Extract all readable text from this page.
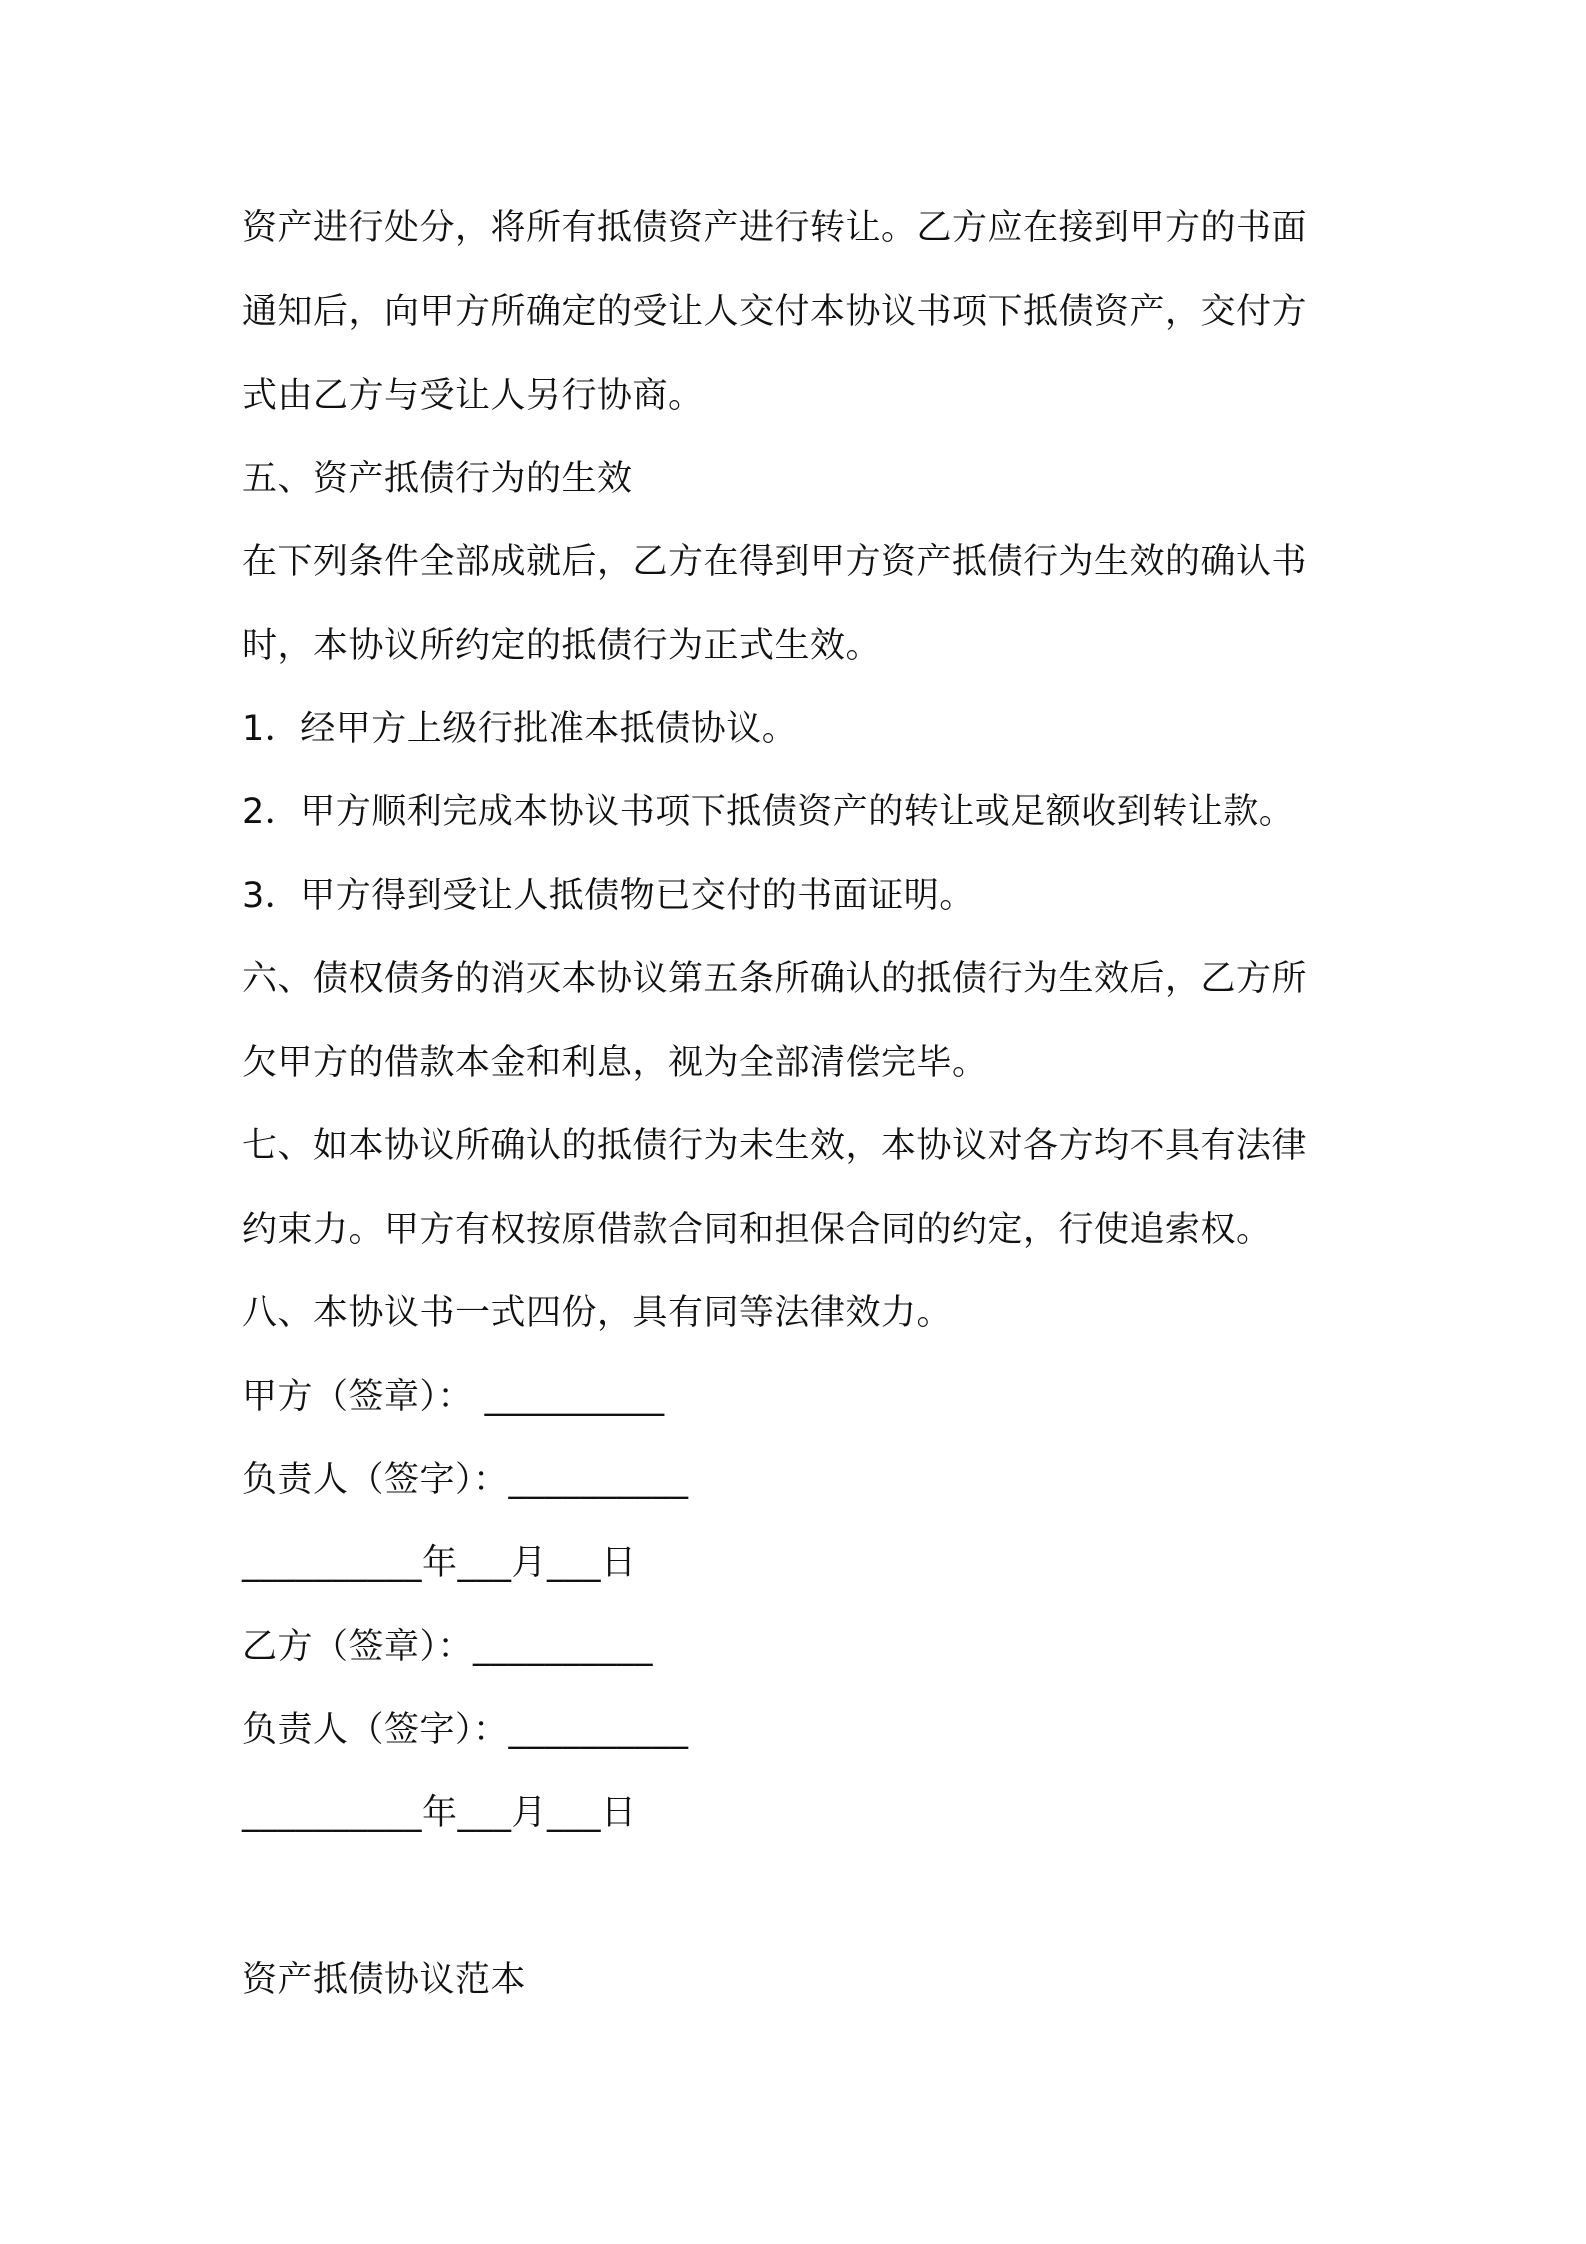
资产进行处分，将所有抵债资产进行转让。乙方应在接到甲方的书面

通知后，向甲方所确定的受让人交付本协议书项下抵债资产，交付方

式由乙方与受让人另行协商。

五、资产抵债行为的生效

在下列条件全部成就后，乙方在得到甲方资产抵债行为生效的确认书

时，本协议所约定的抵债行为正式生效。

1．经甲方上级行批准本抵债协议。

2．甲方顺利完成本协议书项下抵债资产的转让或足额收到转让款。

3．甲方得到受让人抵债物已交付的书面证明。

六、债权债务的消灭本协议第五条所确认的抵债行为生效后，乙方所

欠甲方的借款本金和利息，视为全部清偿完毕。

七、如本协议所确认的抵债行为未生效，本协议对各方均不具有法律

约束力。甲方有权按原借款合同和担保合同的约定，行使追索权。

八、本协议书一式四份，具有同等法律效力。

甲方（签章）： __________

负责人（签字）：__________

__________年___月___日

乙方（签章）：__________

负责人（签字）：__________

__________年___月___日

资产抵债协议范本
